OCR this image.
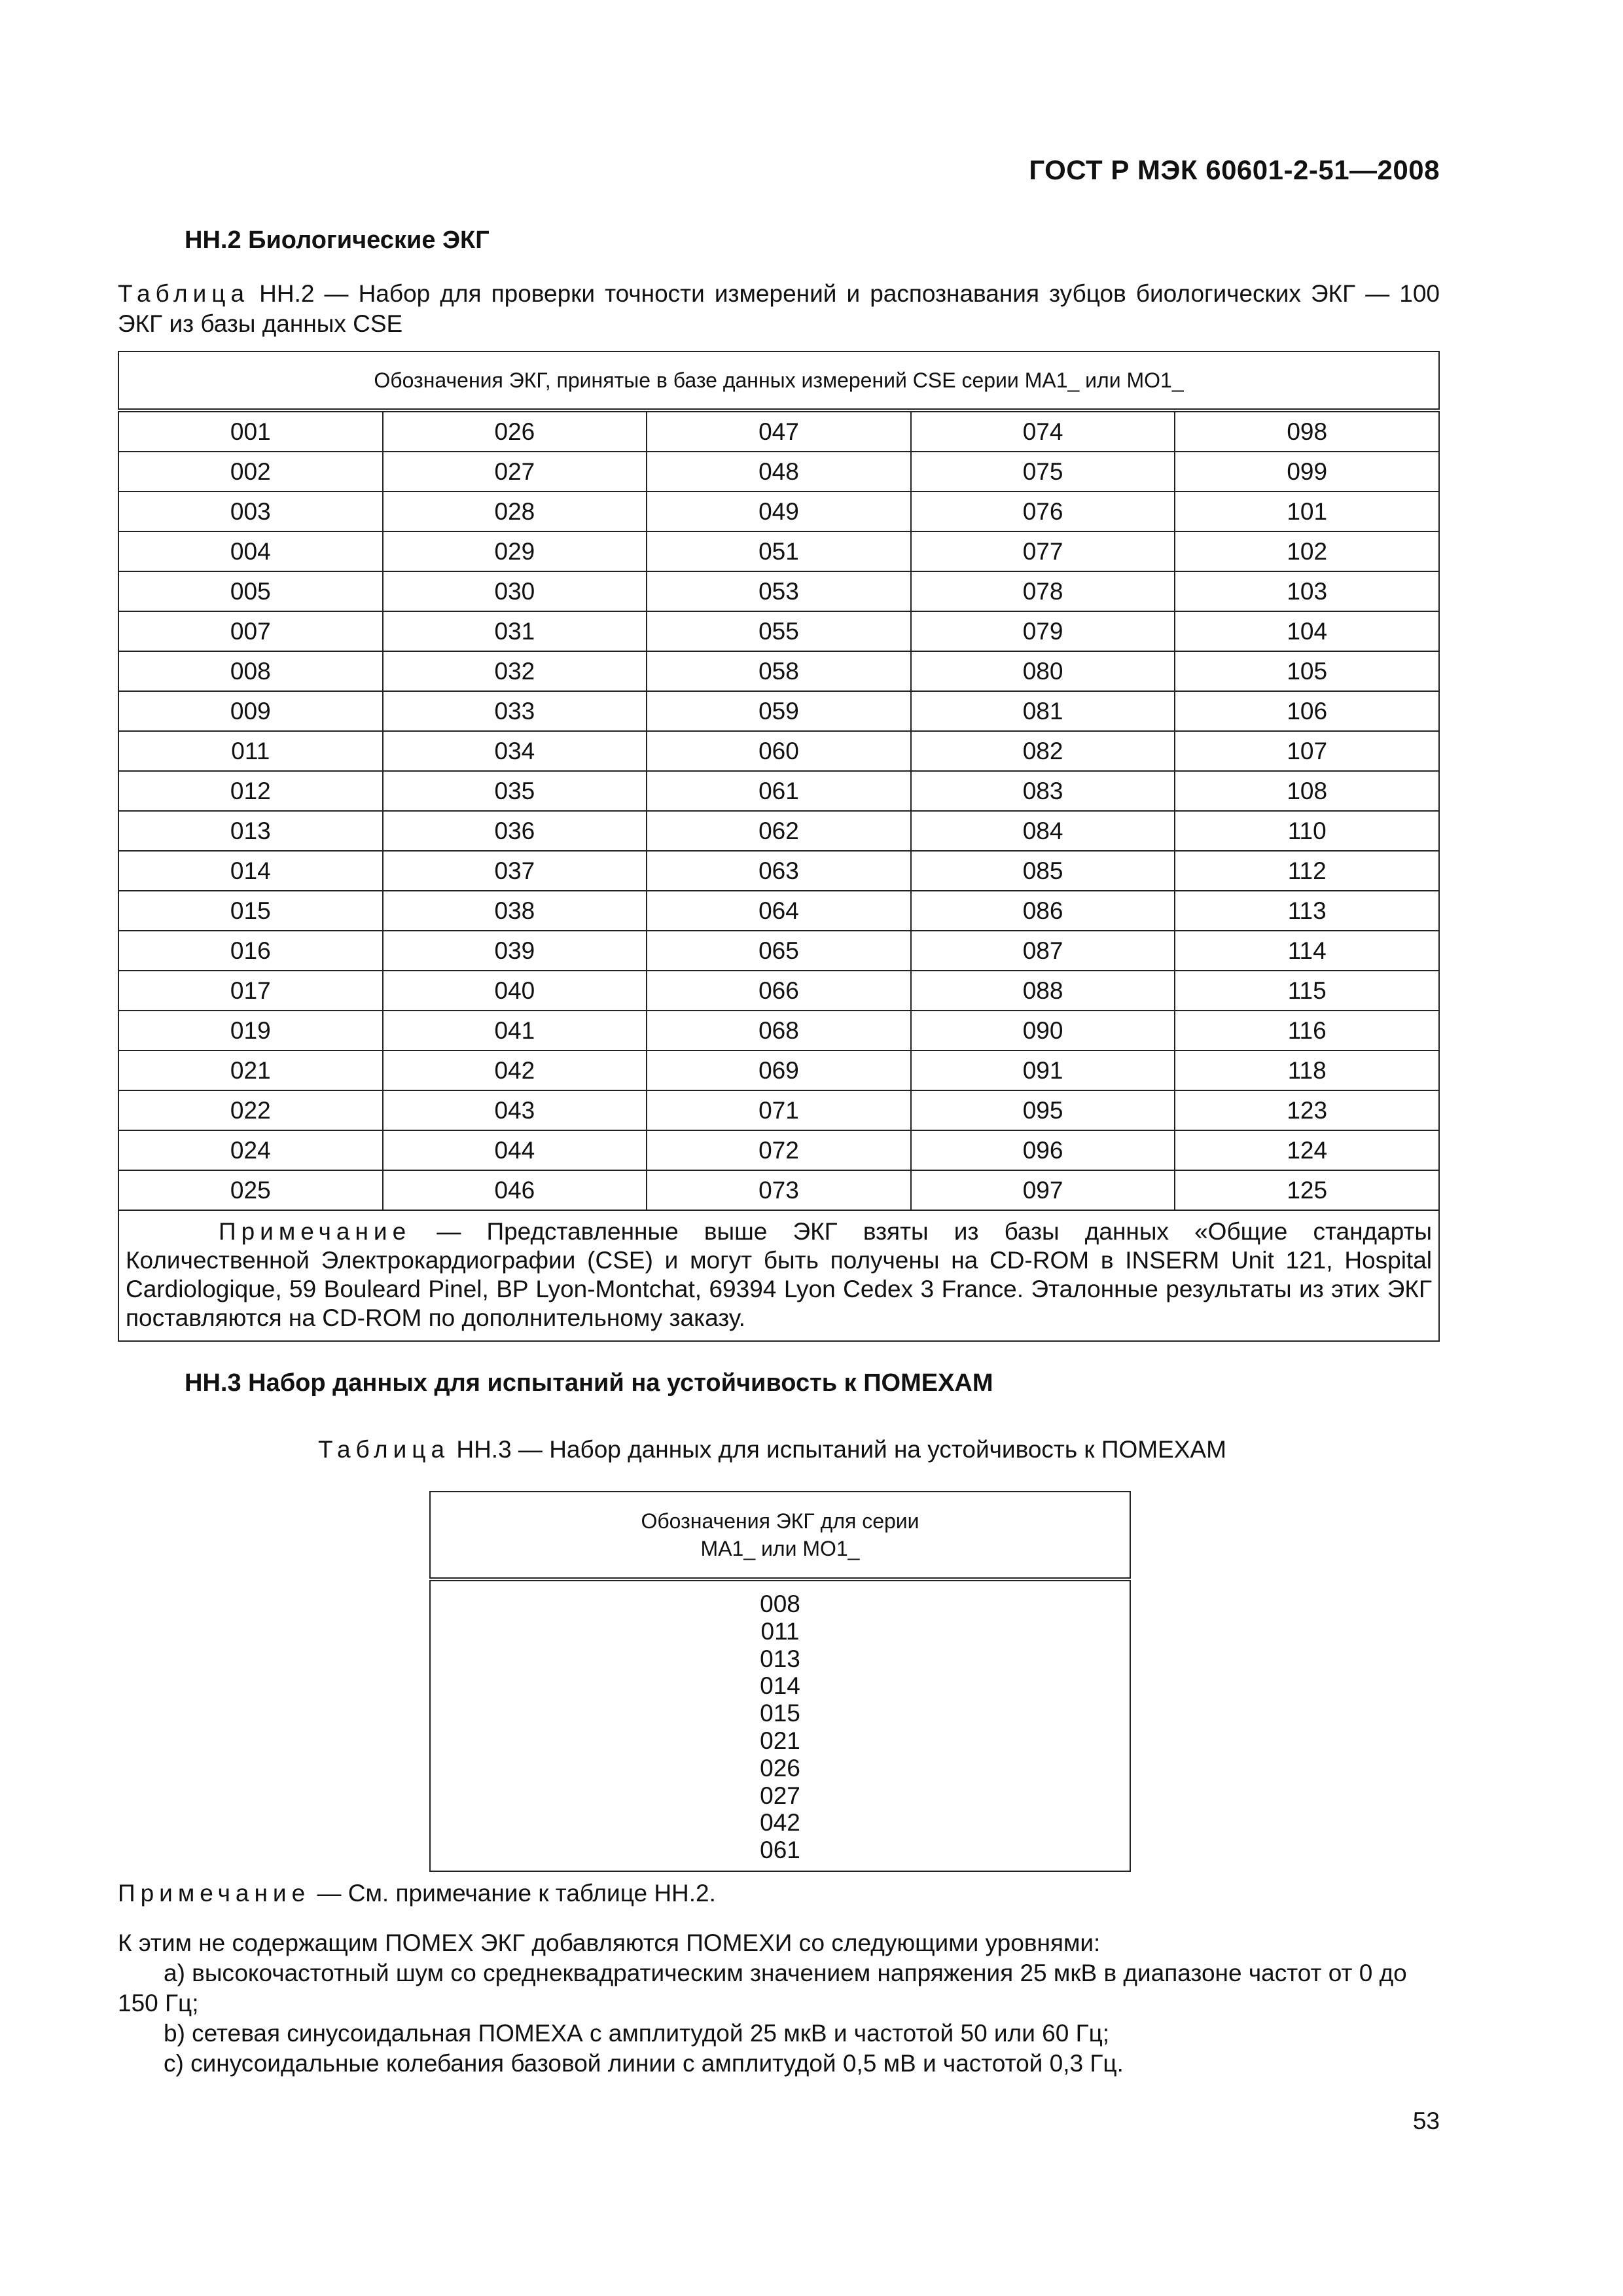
ГОСТ Р МЭК 60601-2-51—2008
НН.2 Биологические ЭКГ
Таблица НН.2 — Набор для проверки точности измерений и распознавания зубцов биологических ЭКГ — 100 ЭКГ из базы данных CSE
Обозначения ЭКГ, принятые в базе данных измерений CSE серии MA1_ или MO1_				
001	026	047	074	098
002	027	048	075	099
003	028	049	076	101
004	029	051	077	102
005	030	053	078	103
007	031	055	079	104
008	032	058	080	105
009	033	059	081	106
011	034	060	082	107
012	035	061	083	108
013	036	062	084	110
014	037	063	085	112
015	038	064	086	113
016	039	065	087	114
017	040	066	088	115
019	041	068	090	116
021	042	069	091	118
022	043	071	095	123
024	044	072	096	124
025	046	073	097	125
Примечание — Представленные выше ЭКГ взяты из базы данных «Общие стандарты Количественной Электрокардиографии (CSE) и могут быть получены на CD-ROM в INSERM Unit 121, Hospital Cardiologique, 59 Bouleard Pinel, BP Lyon-Montchat, 69394 Lyon Cedex 3 France. Эталонные результаты из этих ЭКГ поставляются на CD-ROM по дополнительному заказу.				
НН.3 Набор данных для испытаний на устойчивость к ПОМЕХАМ
Таблица НН.3 — Набор данных для испытаний на устойчивость к ПОМЕХАМ
Обозначения ЭКГ для серии
MA1_ или MO1_

008
011
013
014
015
021
026
027
042
061
Примечание — См. примечание к таблице НН.2.
К этим не содержащим ПОМЕХ ЭКГ добавляются ПОМЕХИ со следующими уровнями:
a) высокочастотный шум со среднеквадратическим значением напряжения 25 мкВ в диапазоне частот от 0 до 150 Гц;
b) сетевая синусоидальная ПОМЕХА с амплитудой 25 мкВ и частотой 50 или 60 Гц;
c) синусоидальные колебания базовой линии с амплитудой 0,5 мВ и частотой 0,3 Гц.
53
